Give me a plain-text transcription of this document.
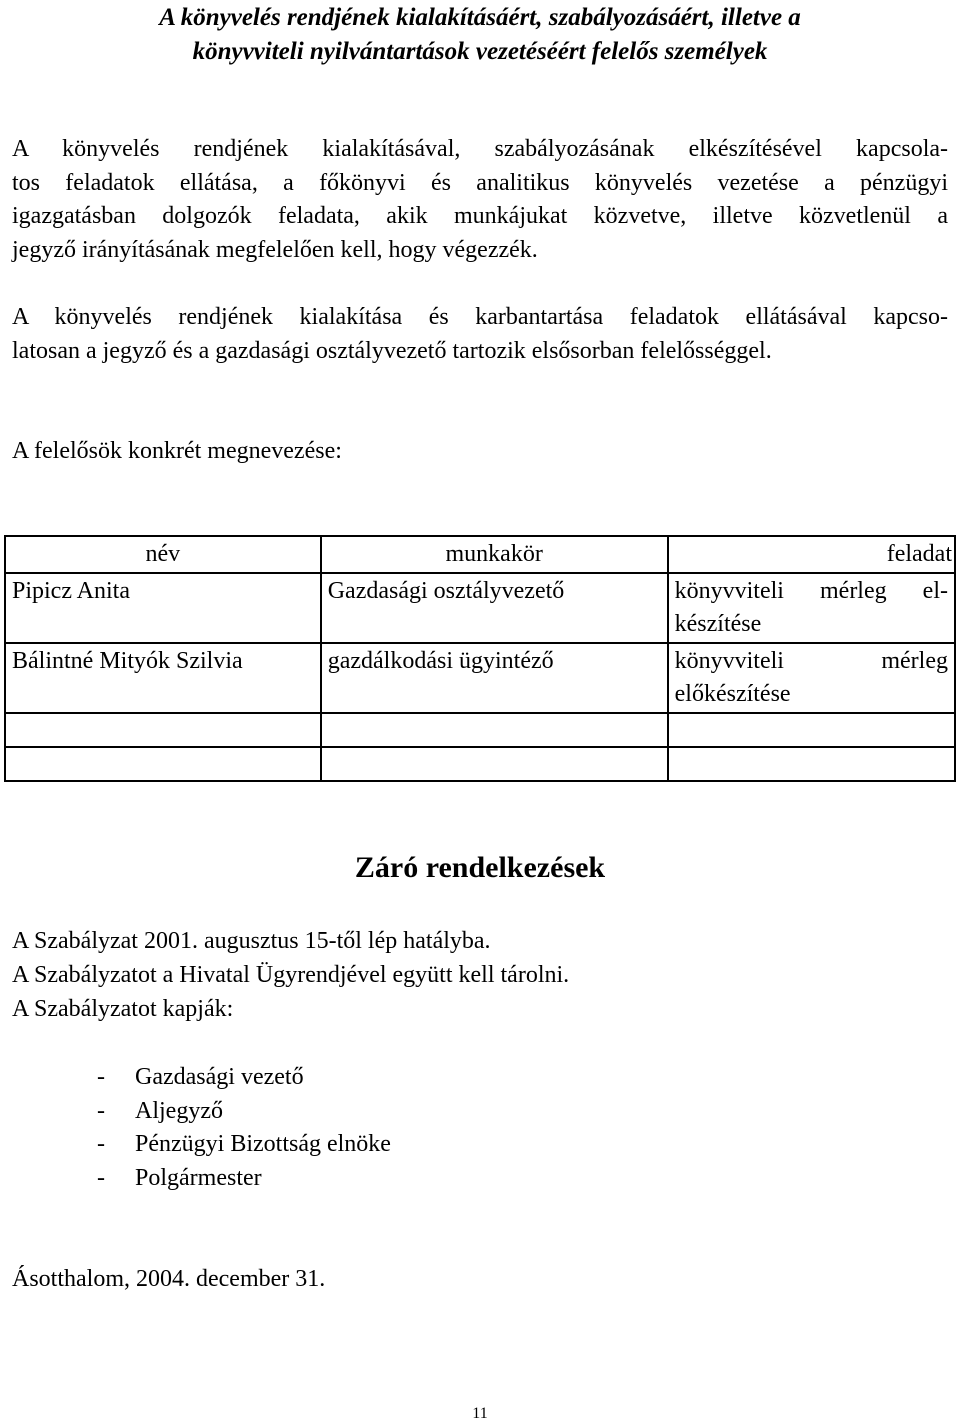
A könyvelés rendjének kialakításáért, szabályozásáért, illetve a
könyvviteli nyilvántartások vezetéséért felelős személyek
A könyvelés rendjének kialakításával, szabályozásának elkészítésével kapcsola-
tos feladatok ellátása, a főkönyvi és analitikus könyvelés vezetése a pénzügyi
igazgatásban dolgozók feladata, akik munkájukat közvetve, illetve közvetlenül a
jegyző irányításának megfelelően kell, hogy végezzék.
A könyvelés rendjének kialakítása és karbantartása feladatok ellátásával kapcso-
latosan a jegyző és a gazdasági osztályvezető tartozik elsősorban felelősséggel.
A felelősök konkrét megnevezése:
név	munkakör	feladat
Pipicz Anita	Gazdasági osztályvezető	könyvviteli mérleg el-
készítése

Bálintné Mityók Szilvia	gazdálkodási ügyintéző	könyvviteli mérleg
előkészítése

Záró rendelkezések
A Szabályzat 2001. augusztus 15-től lép hatályba.
A Szabályzatot a Hivatal Ügyrendjével együtt kell tárolni.
A Szabályzatot kapják:
-	Gazdasági vezető
-	Aljegyző
-	Pénzügyi Bizottság elnöke
-	Polgármester
Ásotthalom, 2004. december 31.
11
